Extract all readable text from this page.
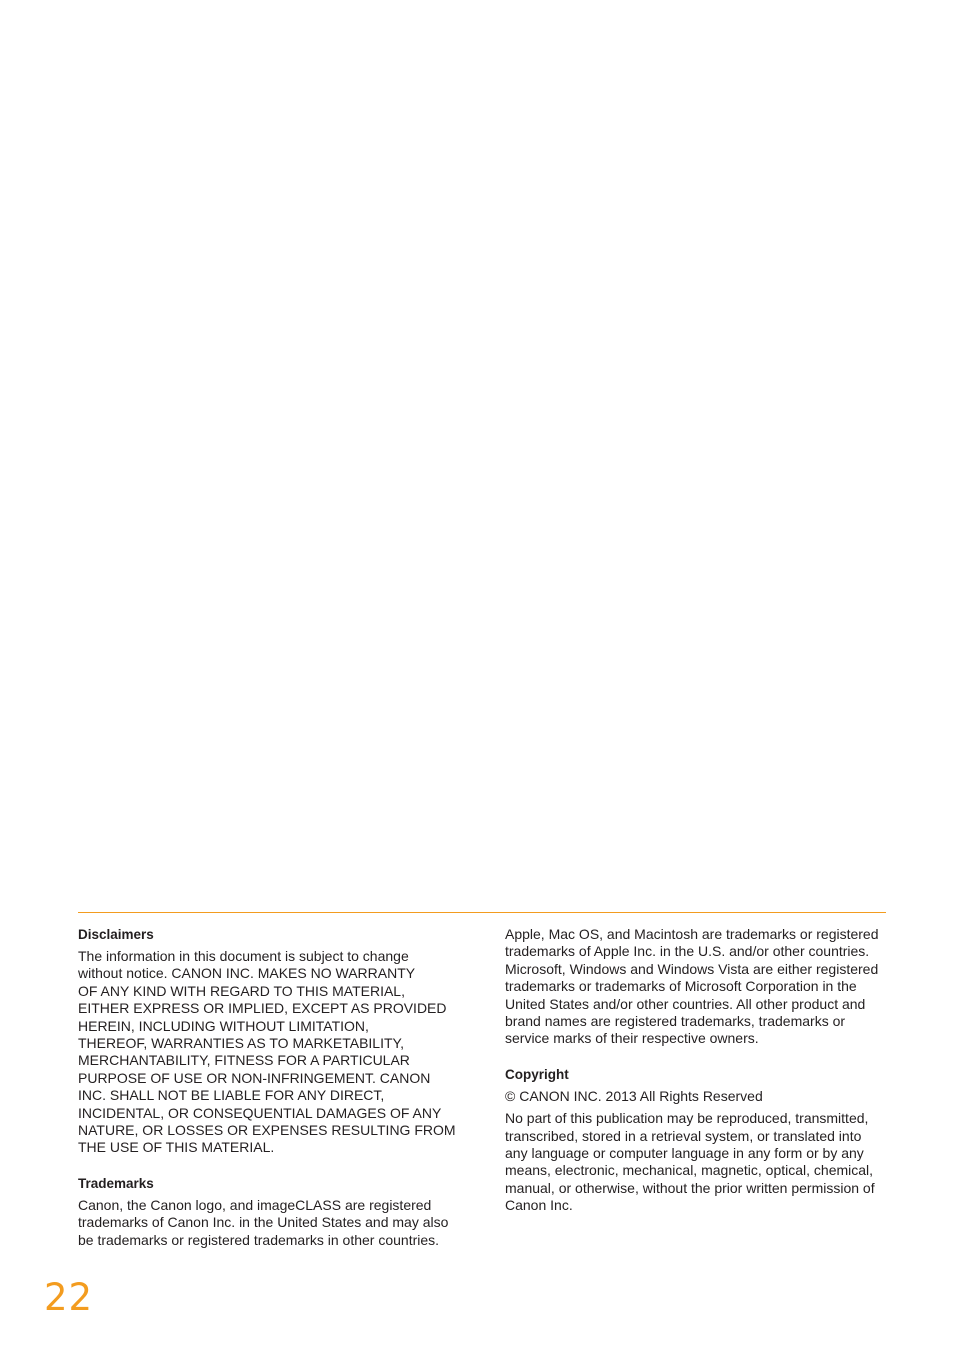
Disclaimers

The information in this document is subject to change
without notice. CANON INC. MAKES NO WARRANTY
OF ANY KIND WITH REGARD TO THIS MATERIAL,
EITHER EXPRESS OR IMPLIED, EXCEPT AS PROVIDED
HEREIN, INCLUDING WITHOUT LIMITATION,
THEREOF, WARRANTIES AS TO MARKETABILITY,
MERCHANTABILITY, FITNESS FOR A PARTICULAR
PURPOSE OF USE OR NON-INFRINGEMENT. CANON
INC. SHALL NOT BE LIABLE FOR ANY DIRECT,
INCIDENTAL, OR CONSEQUENTIAL DAMAGES OF ANY
NATURE, OR LOSSES OR EXPENSES RESULTING FROM
THE USE OF THIS MATERIAL.

Trademarks

Canon, the Canon logo, and imageCLASS are registered
trademarks of Canon Inc. in the United States and may also
be trademarks or registered trademarks in other countries.

Apple, Mac OS, and Macintosh are trademarks or registered
trademarks of Apple Inc. in the U.S. and/or other countries.
Microsoft, Windows and Windows Vista are either registered
trademarks or trademarks of Microsoft Corporation in the
United States and/or other countries. All other product and
brand names are registered trademarks, trademarks or
service marks of their respective owners.

Copyright

© CANON INC. 2013 All Rights Reserved

No part of this publication may be reproduced, transmitted,
transcribed, stored in a retrieval system, or translated into
any language or computer language in any form or by any
means, electronic, mechanical, magnetic, optical, chemical,
manual, or otherwise, without the prior written permission of
Canon Inc.

22
